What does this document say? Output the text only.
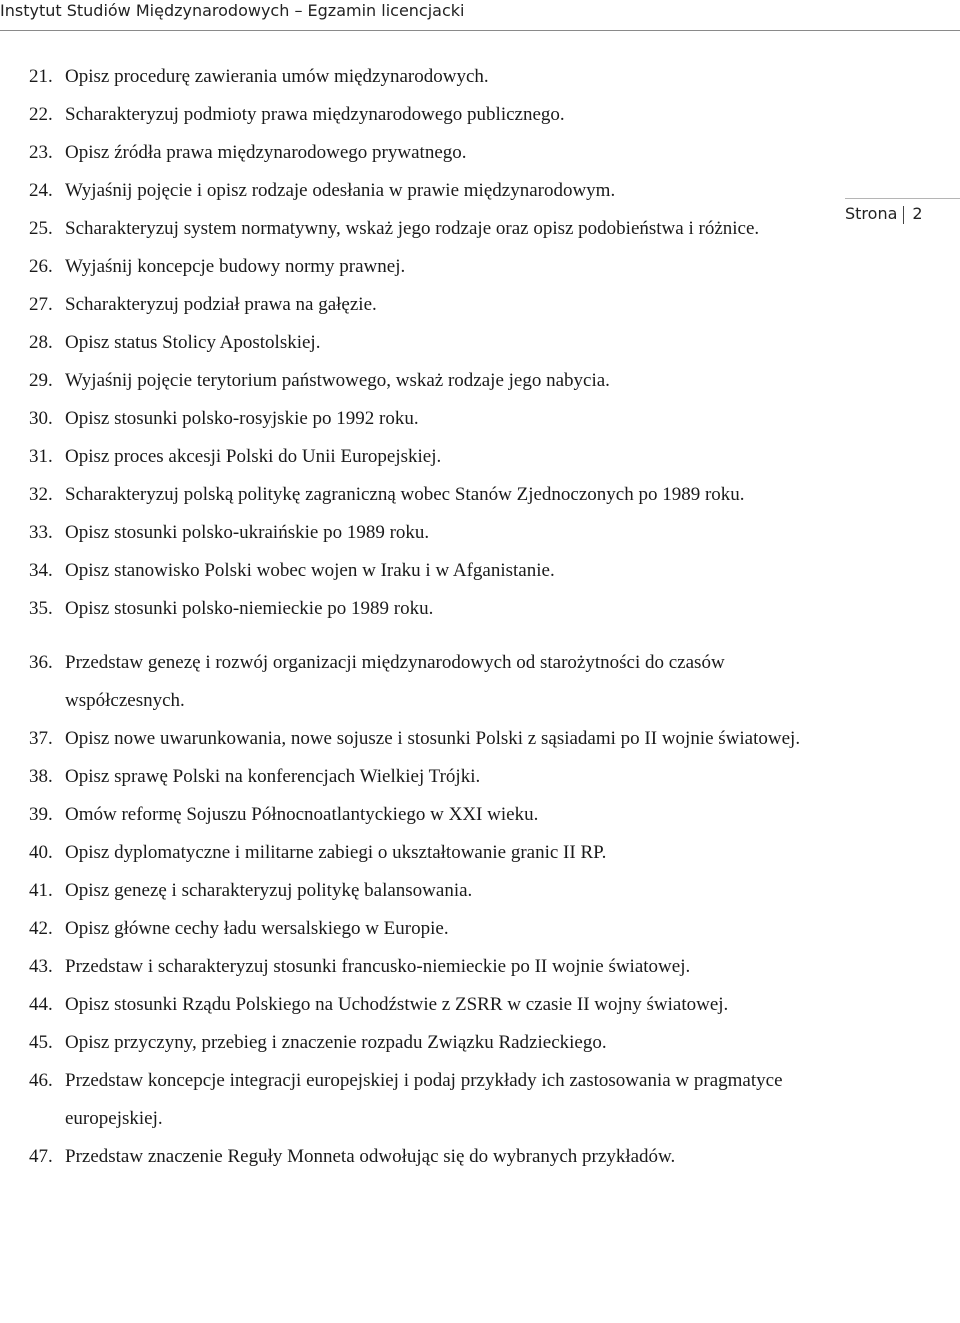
Instytut Studiów Międzynarodowych – Egzamin licencjacki
Strona 2
21. Opisz procedurę zawierania umów międzynarodowych.
22. Scharakteryzuj podmioty prawa międzynarodowego publicznego.
23. Opisz źródła prawa międzynarodowego prywatnego.
24. Wyjaśnij pojęcie i opisz rodzaje odesłania w prawie międzynarodowym.
25. Scharakteryzuj system normatywny, wskaż jego rodzaje oraz opisz podobieństwa i różnice.
26. Wyjaśnij koncepcje budowy normy prawnej.
27. Scharakteryzuj podział prawa na gałęzie.
28. Opisz status Stolicy Apostolskiej.
29. Wyjaśnij pojęcie terytorium państwowego, wskaż rodzaje jego nabycia.
30. Opisz stosunki polsko-rosyjskie po 1992 roku.
31. Opisz proces akcesji Polski do Unii Europejskiej.
32. Scharakteryzuj polską politykę zagraniczną wobec Stanów Zjednoczonych po 1989 roku.
33. Opisz stosunki polsko-ukraińskie po 1989 roku.
34. Opisz stanowisko Polski wobec wojen w Iraku i w Afganistanie.
35. Opisz stosunki polsko-niemieckie po 1989 roku.
36. Przedstaw genezę i rozwój organizacji międzynarodowych od starożytności do czasów współczesnych.
37. Opisz nowe uwarunkowania, nowe sojusze i stosunki Polski z sąsiadami po II wojnie światowej.
38. Opisz sprawę Polski na konferencjach Wielkiej Trójki.
39. Omów reformę Sojuszu Północnoatlantyckiego w XXI wieku.
40. Opisz dyplomatyczne i militarne zabiegi o ukształtowanie granic II RP.
41. Opisz genezę i scharakteryzuj politykę balansowania.
42. Opisz główne cechy ładu wersalskiego w Europie.
43. Przedstaw i scharakteryzuj stosunki francusko-niemieckie po II wojnie światowej.
44. Opisz stosunki Rządu Polskiego na Uchodźstwie z ZSRR w czasie II wojny światowej.
45. Opisz przyczyny, przebieg i znaczenie rozpadu Związku Radzieckiego.
46. Przedstaw koncepcje integracji europejskiej i podaj przykłady ich zastosowania w pragmatyce europejskiej.
47. Przedstaw znaczenie Reguły Monneta odwołując się do wybranych przykładów.
